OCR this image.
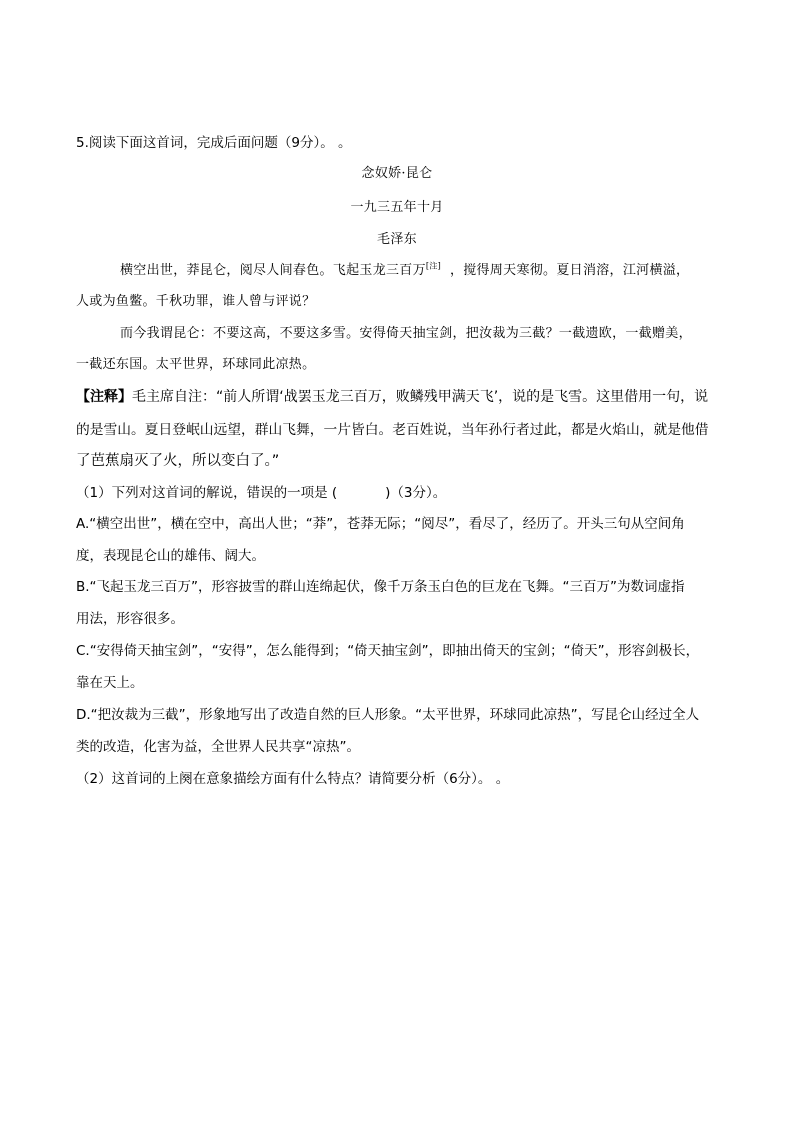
5.阅读下面这首词，完成后面问题（9分）。 。
念奴娇·昆仑
一九三五年十月
毛泽东
横空出世，莽昆仑，阅尽人间春色。飞起玉龙三百万[注] ，搅得周天寒彻。夏日消溶，江河横溢，
人或为鱼鳖。千秋功罪，谁人曾与评说？
而今我谓昆仑：不要这高，不要这多雪。安得倚天抽宝剑，把汝裁为三截？一截遗欧，一截赠美，
一截还东国。太平世界，环球同此凉热。
【注释】毛主席自注：“前人所谓‘战罢玉龙三百万，败鳞残甲满天飞’，说的是飞雪。这里借用一句，说
的是雪山。夏日登岷山远望，群山飞舞，一片皆白。老百姓说，当年孙行者过此，都是火焰山，就是他借
了芭蕉扇灭了火，所以变白了。”
（1）下列对这首词的解说，错误的一项是 (	)（3分）。
A.“横空出世”，横在空中，高出人世；“莽”，苍莽无际；“阅尽”，看尽了，经历了。开头三句从空间角
度，表现昆仑山的雄伟、阔大。
B.“飞起玉龙三百万”，形容披雪的群山连绵起伏，像千万条玉白色的巨龙在飞舞。“三百万”为数词虚指
用法，形容很多。
C.“安得倚天抽宝剑”，“安得”，怎么能得到；“倚天抽宝剑”，即抽出倚天的宝剑；“倚天”，形容剑极长，
靠在天上。
D.“把汝裁为三截”，形象地写出了改造自然的巨人形象。“太平世界，环球同此凉热”，写昆仑山经过全人
类的改造，化害为益，全世界人民共享“凉热”。
（2）这首词的上阕在意象描绘方面有什么特点？请简要分析（6分）。 。
